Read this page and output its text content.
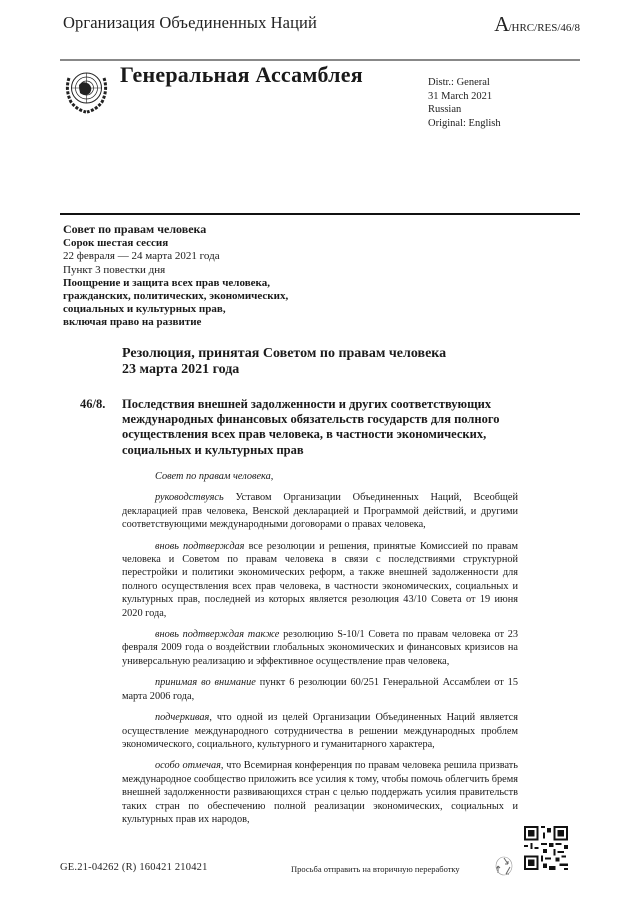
Организация Объединенных Наций	A/HRC/RES/46/8
Генеральная Ассамблея	Distr.: General
31 March 2021
Russian
Original: English
Совет по правам человека
Сорок шестая сессия
22 февраля — 24 марта 2021 года
Пункт 3 повестки дня
Поощрение и защита всех прав человека,
гражданских, политических, экономических,
социальных и культурных прав,
включая право на развитие
Резолюция, принятая Советом по правам человека
23 марта 2021 года
46/8. Последствия внешней задолженности и других соответствующих международных финансовых обязательств государств для полного осуществления всех прав человека, в частности экономических, социальных и культурных прав

Совет по правам человека,

руководствуясь Уставом Организации Объединенных Наций, Всеобщей декларацией прав человека, Венской декларацией и Программой действий, и другими соответствующими международными договорами о правах человека,

вновь подтверждая все резолюции и решения, принятые Комиссией по правам человека и Советом по правам человека в связи с последствиями структурной перестройки и политики экономических реформ, а также внешней задолженности для полного осуществления всех прав человека, в частности экономических, социальных и культурных прав, последней из которых является резолюция 43/10 Совета от 19 июня 2020 года,

вновь подтверждая также резолюцию S-10/1 Совета по правам человека от 23 февраля 2009 года о воздействии глобальных экономических и финансовых кризисов на универсальную реализацию и эффективное осуществление прав человека,

принимая во внимание пункт 6 резолюции 60/251 Генеральной Ассамблеи от 15 марта 2006 года,

подчеркивая, что одной из целей Организации Объединенных Наций является осуществление международного сотрудничества в решении международных проблем экономического, социального, культурного и гуманитарного характера,

особо отмечая, что Всемирная конференция по правам человека решила призвать международное сообщество приложить все усилия к тому, чтобы помочь облегчить бремя внешней задолженности развивающихся стран с целью поддержать усилия правительств таких стран по обеспечению полной реализации экономических, социальных и культурных прав их народов,

GE.21-04262 (R) 160421 210421	Просьба отправить на вторичную переработку
